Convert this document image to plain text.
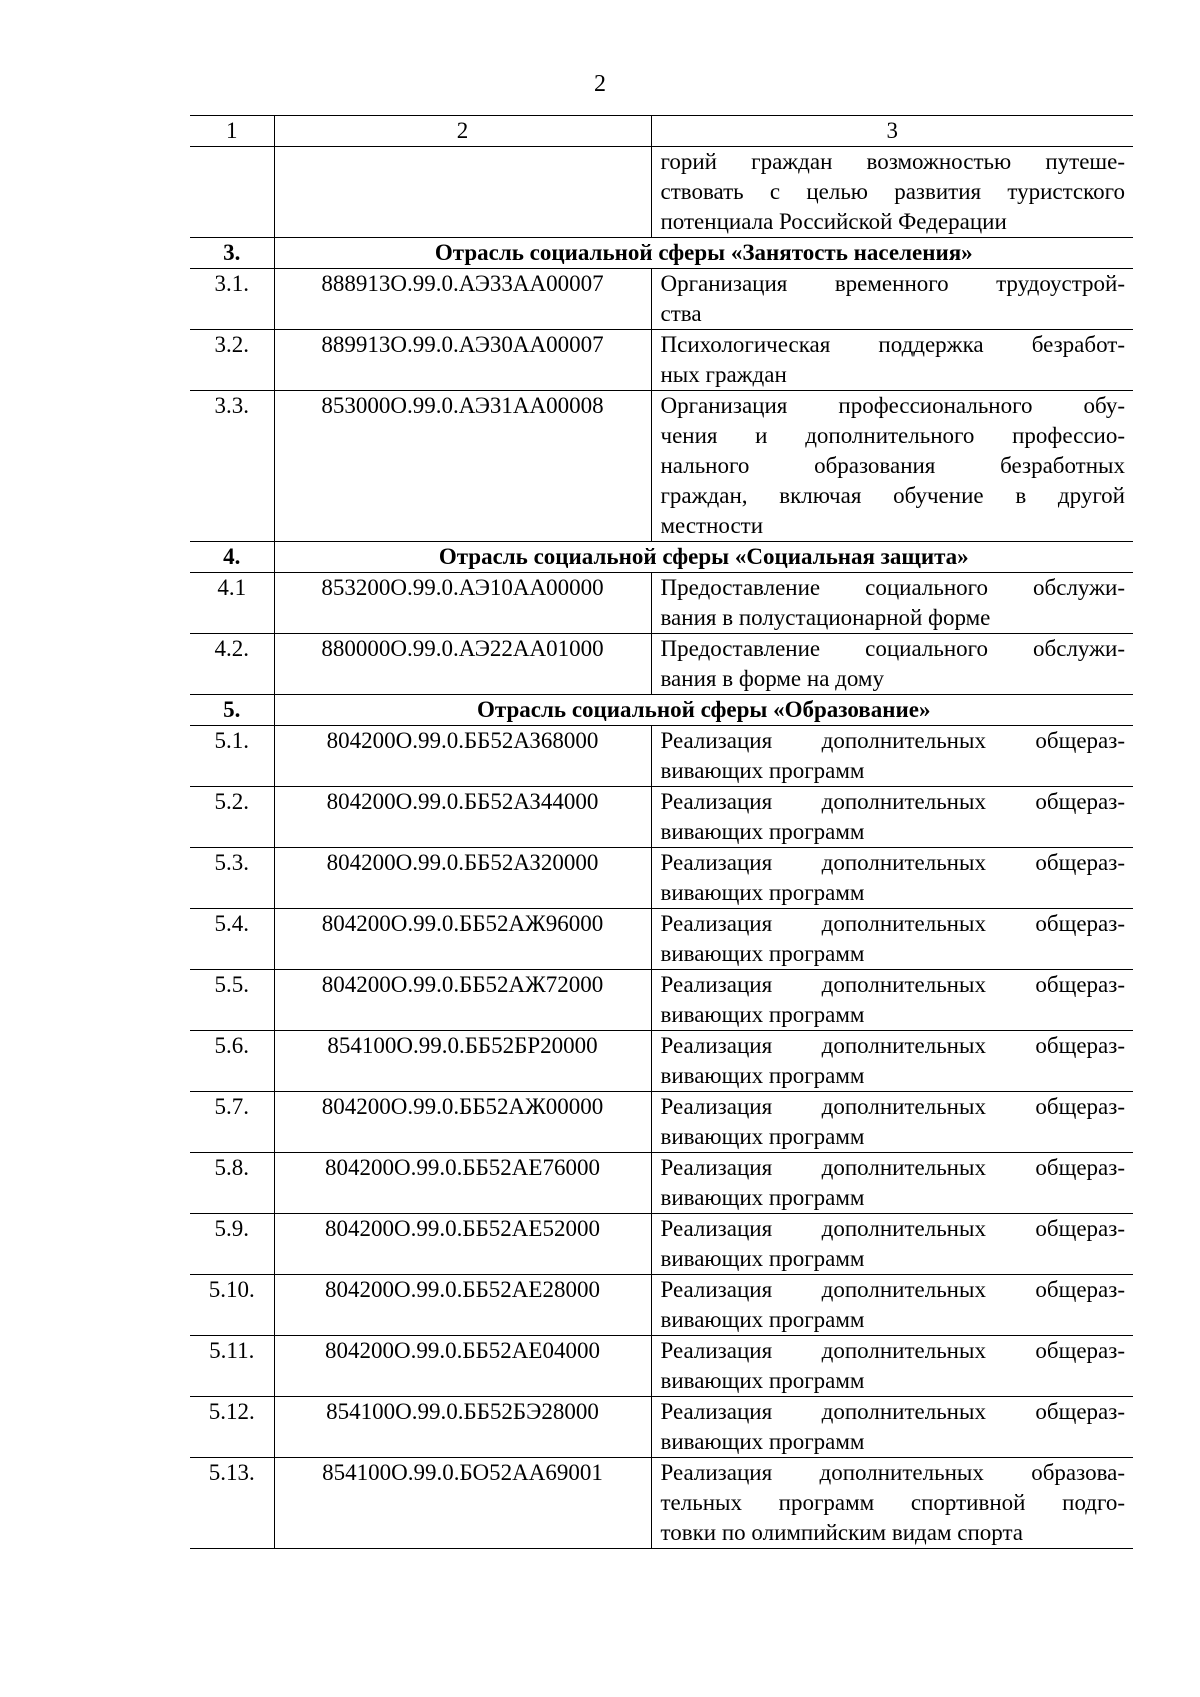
2
1	2	3

		горий граждан возможностью путеше-
ствовать с целью развития туристского
потенциала Российской Федерации

3.	Отрасль социальной сферы «Занятость населения»	
3.1.	888913О.99.0.АЭ33АА00007	Организация временного трудоустрой-
ства

3.2.	889913О.99.0.АЭ30АА00007	Психологическая поддержка безработ-
ных граждан

3.3.	853000О.99.0.АЭ31АА00008	Организация профессионального обу-
чения и дополнительного профессио-
нального образования безработных
граждан, включая обучение в другой
местности

4.	Отрасль социальной сферы «Социальная защита»	
4.1	853200О.99.0.АЭ10АА00000	Предоставление социального обслужи-
вания в полустационарной форме

4.2.	880000О.99.0.АЭ22АА01000	Предоставление социального обслужи-
вания в форме на дому

5.	Отрасль социальной сферы «Образование»	
5.1.	804200О.99.0.ББ52АЗ68000	Реализация дополнительных общераз-
вивающих программ

5.2.	804200О.99.0.ББ52АЗ44000	Реализация дополнительных общераз-
вивающих программ

5.3.	804200О.99.0.ББ52АЗ20000	Реализация дополнительных общераз-
вивающих программ

5.4.	804200О.99.0.ББ52АЖ96000	Реализация дополнительных общераз-
вивающих программ

5.5.	804200О.99.0.ББ52АЖ72000	Реализация дополнительных общераз-
вивающих программ

5.6.	854100О.99.0.ББ52БР20000	Реализация дополнительных общераз-
вивающих программ

5.7.	804200О.99.0.ББ52АЖ00000	Реализация дополнительных общераз-
вивающих программ

5.8.	804200О.99.0.ББ52АЕ76000	Реализация дополнительных общераз-
вивающих программ

5.9.	804200О.99.0.ББ52АЕ52000	Реализация дополнительных общераз-
вивающих программ

5.10.	804200О.99.0.ББ52АЕ28000	Реализация дополнительных общераз-
вивающих программ

5.11.	804200О.99.0.ББ52АЕ04000	Реализация дополнительных общераз-
вивающих программ

5.12.	854100О.99.0.ББ52БЭ28000	Реализация дополнительных общераз-
вивающих программ

5.13.	854100О.99.0.БО52АА69001	Реализация дополнительных образова-
тельных программ спортивной подго-
товки по олимпийским видам спорта
